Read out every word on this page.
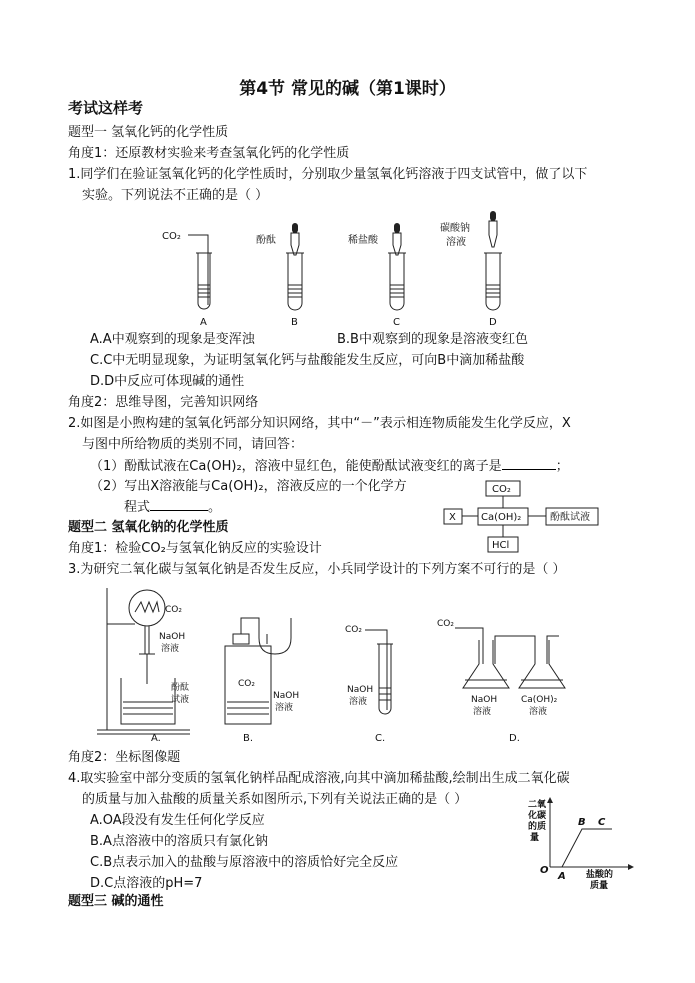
第4节 常见的碱（第1课时）
考试这样考
题型一 氢氧化钙的化学性质
角度1：还原教材实验来考查氢氧化钙的化学性质
1.同学们在验证氢氧化钙的化学性质时，分别取少量氢氧化钙溶液于四支试管中，做了以下
实验。下列说法不正确的是（ ）
CO₂	酚酞	稀盐酸
碳酸钠
溶液
A	B	C	D
A.A中观察到的现象是变浑浊	B.B中观察到的现象是溶液变红色
C.C中无明显现象，为证明氢氧化钙与盐酸能发生反应，可向B中滴加稀盐酸
D.D中反应可体现碱的通性
角度2：思维导图，完善知识网络
2.如图是小煦构建的氢氧化钙部分知识网络，其中“－”表示相连物质能发生化学反应，X
与图中所给物质的类别不同，请回答：
（1）酚酞试液在Ca(OH)₂，溶液中显红色，能使酚酞试液变红的离子是	；
（2）写出X溶液能与Ca(OH)₂，溶液反应的一个化学方
程式	。
CO₂
Ca(OH)₂
X	酚酞试液
HCl
题型二 氢氧化钠的化学性质
角度1：检验CO₂与氢氧化钠反应的实验设计
3.为研究二氧化碳与氢氧化钠是否发生反应，小兵同学设计的下列方案不可行的是（ ）
CO₂
NaOH
溶液
酚酞
试液
CO₂
NaOH
溶液
CO₂
NaOH
溶液
CO₂
NaOH
溶液
Ca(OH)₂
溶液
A.	B.	C.	D.
角度2：坐标图像题
4.取实验室中部分变质的氢氧化钠样品配成溶液,向其中滴加稀盐酸,绘制出生成二氧化碳
的质量与加入盐酸的质量关系如图所示,下列有关说法正确的是（ ）
A.OA段没有发生任何化学反应
B.A点溶液中的溶质只有氯化钠
C.B点表示加入的盐酸与原溶液中的溶质恰好完全反应
D.C点溶液的pH=7
二氧
化碳
的质
量
O
A
B C
盐酸的
质量
题型三 碱的通性
